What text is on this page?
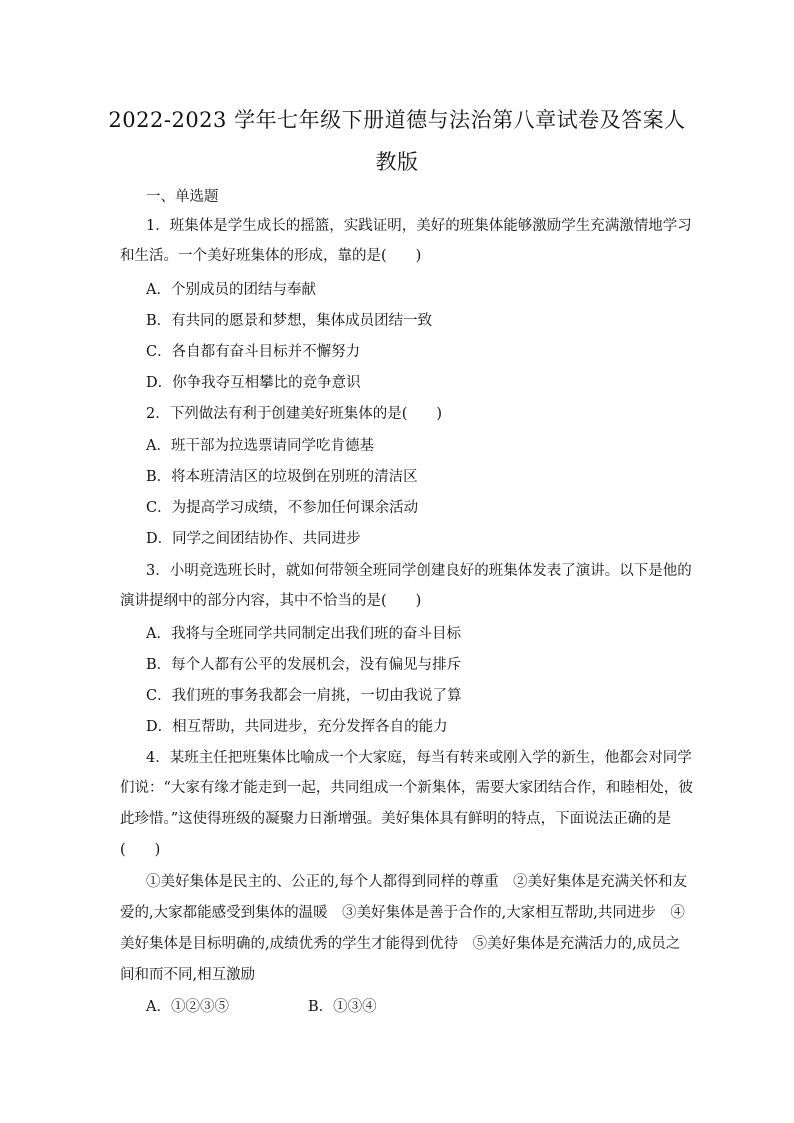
2022-2023 学年七年级下册道德与法治第八章试卷及答案人
教版
一、单选题
1．班集体是学生成长的摇篮，实践证明，美好的班集体能够激励学生充满激情地学习
和生活。一个美好班集体的形成，靠的是(　　)
A．个别成员的团结与奉献
B．有共同的愿景和梦想，集体成员团结一致
C．各自都有奋斗目标并不懈努力
D．你争我夺互相攀比的竞争意识
2．下列做法有利于创建美好班集体的是(　　)
A．班干部为拉选票请同学吃肯德基
B．将本班清洁区的垃圾倒在别班的清洁区
C．为提高学习成绩，不参加任何课余活动
D．同学之间团结协作、共同进步
3．小明竞选班长时，就如何带领全班同学创建良好的班集体发表了演讲。以下是他的
演讲提纲中的部分内容，其中不恰当的是(　　)
A．我将与全班同学共同制定出我们班的奋斗目标
B．每个人都有公平的发展机会，没有偏见与排斥
C．我们班的事务我都会一肩挑，一切由我说了算
D．相互帮助，共同进步，充分发挥各自的能力
4．某班主任把班集体比喻成一个大家庭，每当有转来或刚入学的新生，他都会对同学
们说：“大家有缘才能走到一起，共同组成一个新集体，需要大家团结合作，和睦相处，彼
此珍惜。”这使得班级的凝聚力日渐增强。美好集体具有鲜明的特点，下面说法正确的是
(　　)
①美好集体是民主的、公正的,每个人都得到同样的尊重　②美好集体是充满关怀和友
爱的,大家都能感受到集体的温暖　③美好集体是善于合作的,大家相互帮助,共同进步　④
美好集体是目标明确的,成绩优秀的学生才能得到优待　⑤美好集体是充满活力的,成员之
间和而不同,相互激励
A．①②③⑤	B．①③④
